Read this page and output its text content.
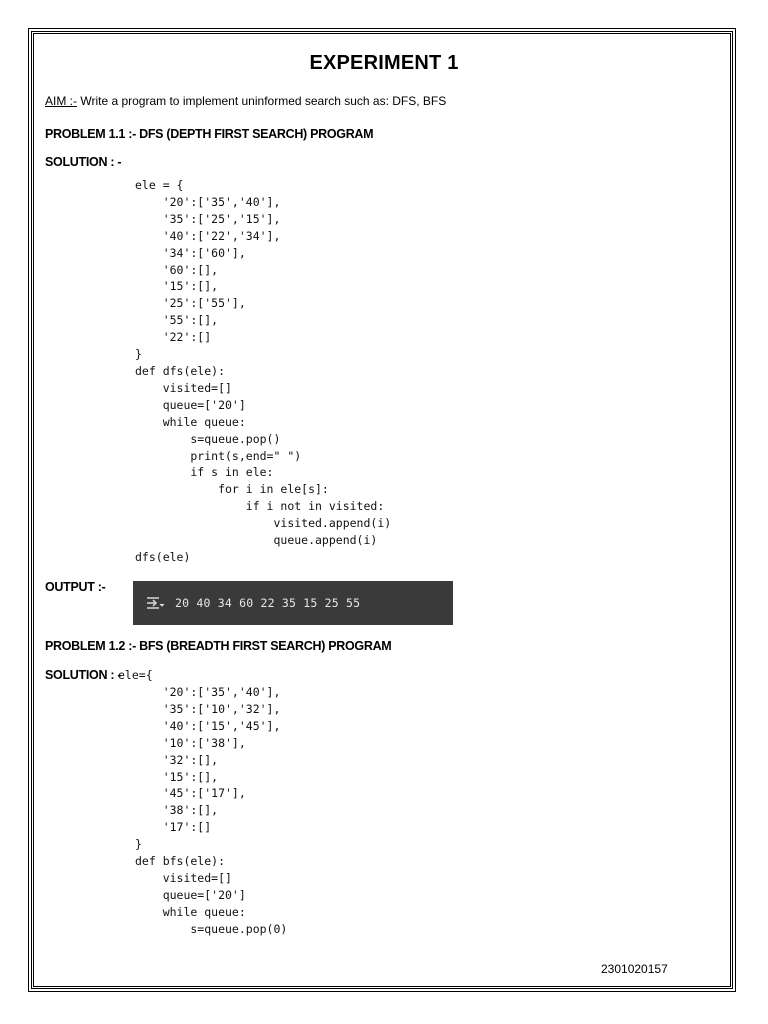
EXPERIMENT 1
AIM :- Write a program to implement uninformed search such as: DFS, BFS
PROBLEM 1.1 :- DFS (DEPTH FIRST SEARCH) PROGRAM
SOLUTION : -
ele = {
'20':['35','40'],
'35':['25','15'],
'40':['22','34'],
'34':['60'],
'60':[],
'15':[],
'25':['55'],
'55':[],
'22':[]
}
def dfs(ele):
visited=[]
queue=['20']
while queue:
s=queue.pop()
print(s,end=" ")
if s in ele:
for i in ele[s]:
if i not in visited:
visited.append(i)
queue.append(i)
dfs(ele)
OUTPUT :-
20 40 34 60 22 35 15 25 55
PROBLEM 1.2 :- BFS (BREADTH FIRST SEARCH) PROGRAM
SOLUTION : -
ele={
'20':['35','40'],
'35':['10','32'],
'40':['15','45'],
'10':['38'],
'32':[],
'15':[],
'45':['17'],
'38':[],
'17':[]
}
def bfs(ele):
visited=[]
queue=['20']
while queue:
s=queue.pop(0)
2301020157
